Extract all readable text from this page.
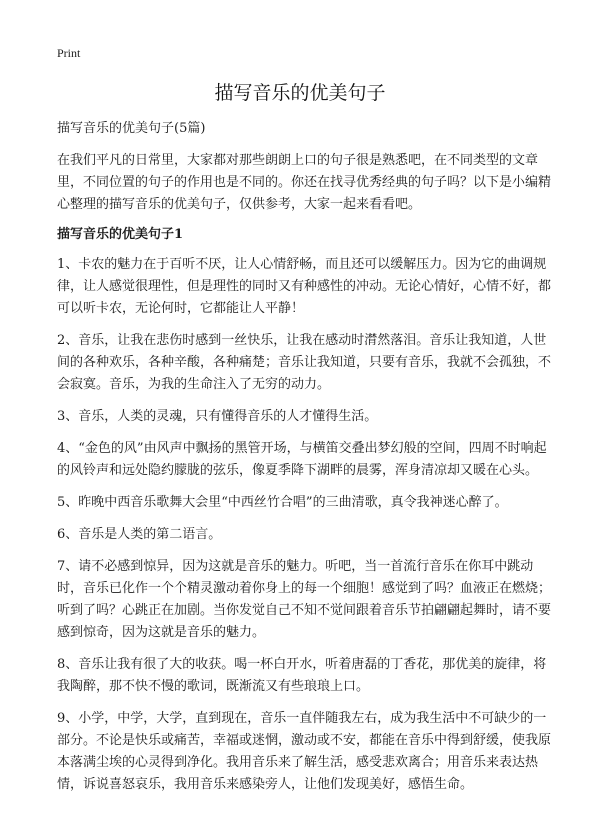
Print
描写音乐的优美句子

描写音乐的优美句子(5篇)

在我们平凡的日常里，大家都对那些朗朗上口的句子很是熟悉吧，在不同类型的文章里，不同位置的句子的作用也是不同的。你还在找寻优秀经典的句子吗？以下是小编精心整理的描写音乐的优美句子，仅供参考，大家一起来看看吧。

描写音乐的优美句子1

1、卡农的魅力在于百听不厌，让人心情舒畅，而且还可以缓解压力。因为它的曲调规律，让人感觉很理性，但是理性的同时又有种感性的冲动。无论心情好，心情不好，都可以听卡农，无论何时，它都能让人平静！

2、音乐，让我在悲伤时感到一丝快乐，让我在感动时潸然落泪。音乐让我知道，人世间的各种欢乐，各种辛酸，各种痛楚；音乐让我知道，只要有音乐，我就不会孤独，不会寂寞。音乐，为我的生命注入了无穷的动力。

3、音乐，人类的灵魂，只有懂得音乐的人才懂得生活。

4、“金色的风”由风声中飘扬的黑管开场，与横笛交叠出梦幻般的空间，四周不时响起的风铃声和远处隐约朦胧的弦乐，像夏季降下湖畔的晨雾，浑身清凉却又暖在心头。

5、昨晚中西音乐歌舞大会里“中西丝竹合唱”的三曲清歌，真令我神迷心醉了。

6、音乐是人类的第二语言。

7、请不必感到惊异，因为这就是音乐的魅力。听吧，当一首流行音乐在你耳中跳动时，音乐已化作一个个精灵激动着你身上的每一个细胞！感觉到了吗？血液正在燃烧；听到了吗？心跳正在加剧。当你发觉自己不知不觉间跟着音乐节拍翩翩起舞时，请不要感到惊奇，因为这就是音乐的魅力。

8、音乐让我有很了大的收获。喝一杯白开水，听着唐磊的丁香花，那优美的旋律，将我陶醉，那不快不慢的歌词，既渐流又有些琅琅上口。

9、小学，中学，大学，直到现在，音乐一直伴随我左右，成为我生活中不可缺少的一部分。不论是快乐或痛苦，幸福或迷惘，激动或不安，都能在音乐中得到舒缓，使我原本落满尘埃的心灵得到净化。我用音乐来了解生活，感受悲欢离合；用音乐来表达热情，诉说喜怒哀乐，我用音乐来感染旁人，让他们发现美好，感悟生命。
